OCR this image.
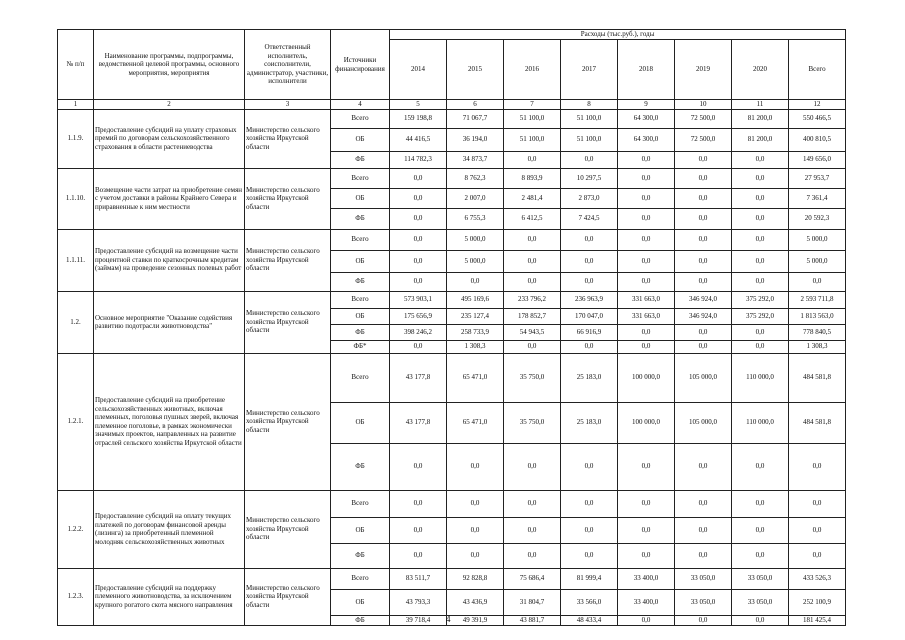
№ п/п	Наименование программы, подпрограммы, ведомственной целевой программы, основного мероприятия, мероприятия	Ответственный исполнитель, соисполнители, администратор, участники, исполнители	Источники финансирования	Расходы (тыс.руб.), годы							
				2014	2015	2016	2017	2018	2019	2020	Всего
1	2	3	4	5	6	7	8	9	10	11	12
1.1.9.	Предоставление субсидий на уплату страховых премий по договорам сельскохозяйственного страхования в области растениеводства	Министерство сельского хозяйства Иркутской области	Всего	159 198,8	71 067,7	51 100,0	51 100,0	64 300,0	72 500,0	81 200,0	550 466,5
			ОБ	44 416,5	36 194,0	51 100,0	51 100,0	64 300,0	72 500,0	81 200,0	400 810,5
			ФБ	114 782,3	34 873,7	0,0	0,0	0,0	0,0	0,0	149 656,0
1.1.10.	Возмещение части затрат на приобретение семян с учетом доставки в районы Крайнего Севера и приравненные к ним местности	Министерство сельского хозяйства Иркутской области	Всего	0,0	8 762,3	8 893,9	10 297,5	0,0	0,0	0,0	27 953,7
			ОБ	0,0	2 007,0	2 481,4	2 873,0	0,0	0,0	0,0	7 361,4
			ФБ	0,0	6 755,3	6 412,5	7 424,5	0,0	0,0	0,0	20 592,3
1.1.11.	Предоставление субсидий на возмещение части процентной ставки по краткосрочным кредитам (займам) на проведение сезонных полевых работ	Министерство сельского хозяйства Иркутской области	Всего	0,0	5 000,0	0,0	0,0	0,0	0,0	0,0	5 000,0
			ОБ	0,0	5 000,0	0,0	0,0	0,0	0,0	0,0	5 000,0
			ФБ	0,0	0,0	0,0	0,0	0,0	0,0	0,0	0,0
1.2.	Основное мероприятие "Оказание содействия развитию подотрасли животноводства"	Министерство сельского хозяйства Иркутской области	Всего	573 903,1	495 169,6	233 796,2	236 963,9	331 663,0	346 924,0	375 292,0	2 593 711,8
			ОБ	175 656,9	235 127,4	178 852,7	170 047,0	331 663,0	346 924,0	375 292,0	1 813 563,0
			ФБ	398 246,2	258 733,9	54 943,5	66 916,9	0,0	0,0	0,0	778 840,5
			ФБ*	0,0	1 308,3	0,0	0,0	0,0	0,0	0,0	1 308,3
1.2.1.	Предоставление субсидий на приобретение сельскохозяйственных животных, включая племенных, поголовья пушных зверей, включая племенное поголовье, в рамках экономически значимых проектов, направленных на развитие отраслей сельского хозяйства Иркутской области	Министерство сельского хозяйства Иркутской области	Всего	43 177,8	65 471,0	35 750,0	25 183,0	100 000,0	105 000,0	110 000,0	484 581,8
			ОБ	43 177,8	65 471,0	35 750,0	25 183,0	100 000,0	105 000,0	110 000,0	484 581,8
			ФБ	0,0	0,0	0,0	0,0	0,0	0,0	0,0	0,0
1.2.2.	Предоставление субсидий на оплату текущих платежей по договорам финансовой аренды (лизинга) за приобретенный племенной молодняк сельскохозяйственных животных	Министерство сельского хозяйства Иркутской области	Всего	0,0	0,0	0,0	0,0	0,0	0,0	0,0	0,0
			ОБ	0,0	0,0	0,0	0,0	0,0	0,0	0,0	0,0
			ФБ	0,0	0,0	0,0	0,0	0,0	0,0	0,0	0,0
1.2.3.	Предоставление субсидий на поддержку племенного животноводства, за исключением крупного рогатого скота мясного направления	Министерство сельского хозяйства Иркутской области	Всего	83 511,7	92 828,8	75 686,4	81 999,4	33 400,0	33 050,0	33 050,0	433 526,3
			ОБ	43 793,3	43 436,9	31 804,7	33 566,0	33 400,0	33 050,0	33 050,0	252 100,9
			ФБ	39 718,4	49 391,9	43 881,7	48 433,4	0,0	0,0	0,0	181 425,4
4
